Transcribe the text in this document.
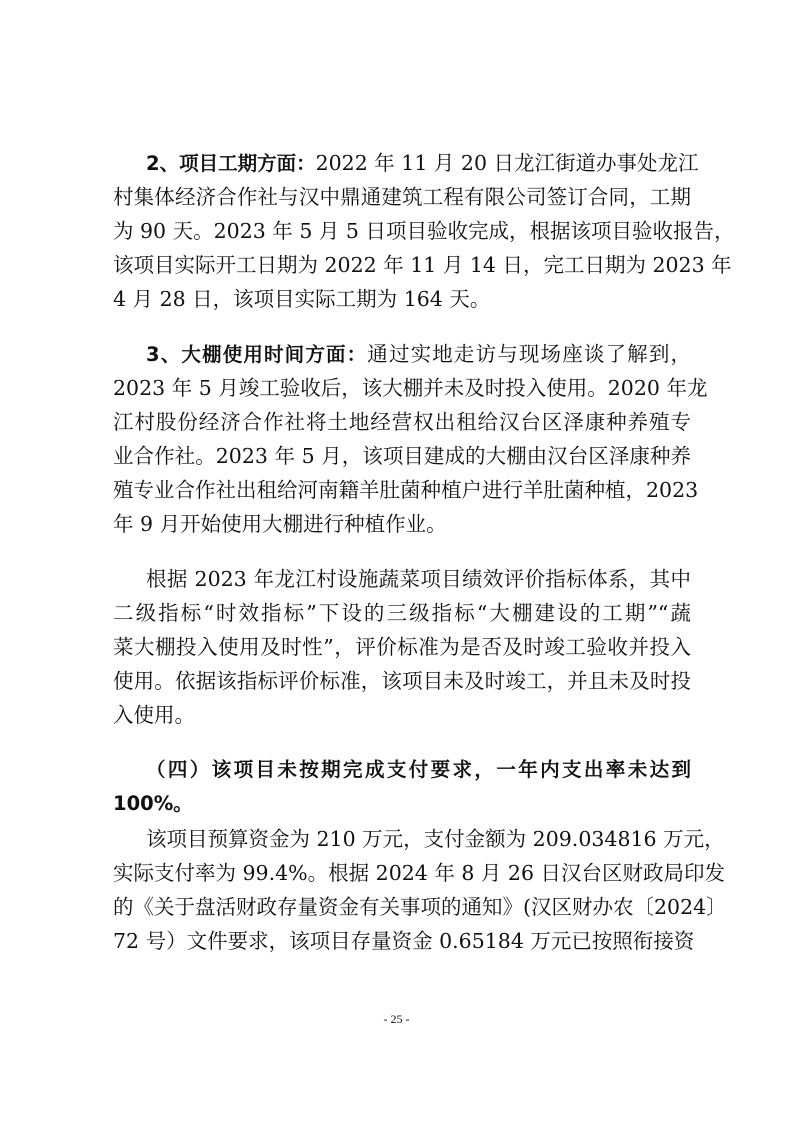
2、项目工期方面：2022 年 11 月 20 日龙江街道办事处龙江
村集体经济合作社与汉中鼎通建筑工程有限公司签订合同，工期
为 90 天。2023 年 5 月 5 日项目验收完成，根据该项目验收报告，
该项目实际开工日期为 2022 年 11 月 14 日，完工日期为 2023 年
4 月 28 日，该项目实际工期为 164 天。
3、大棚使用时间方面：通过实地走访与现场座谈了解到，
2023 年 5 月竣工验收后，该大棚并未及时投入使用。2020 年龙
江村股份经济合作社将土地经营权出租给汉台区泽康种养殖专
业合作社。2023 年 5 月，该项目建成的大棚由汉台区泽康种养
殖专业合作社出租给河南籍羊肚菌种植户进行羊肚菌种植，2023
年 9 月开始使用大棚进行种植作业。
根据 2023 年龙江村设施蔬菜项目绩效评价指标体系，其中
二级指标“时效指标”下设的三级指标“大棚建设的工期”“蔬
菜大棚投入使用及时性”，评价标准为是否及时竣工验收并投入
使用。依据该指标评价标准，该项目未及时竣工，并且未及时投
入使用。
（四）该项目未按期完成支付要求，一年内支出率未达到
100%。
该项目预算资金为 210 万元，支付金额为 209.034816 万元，
实际支付率为 99.4%。根据 2024 年 8 月 26 日汉台区财政局印发
的《关于盘活财政存量资金有关事项的通知》(汉区财办农〔2024〕
72 号）文件要求，该项目存量资金 0.65184 万元已按照衔接资
- 25 -
